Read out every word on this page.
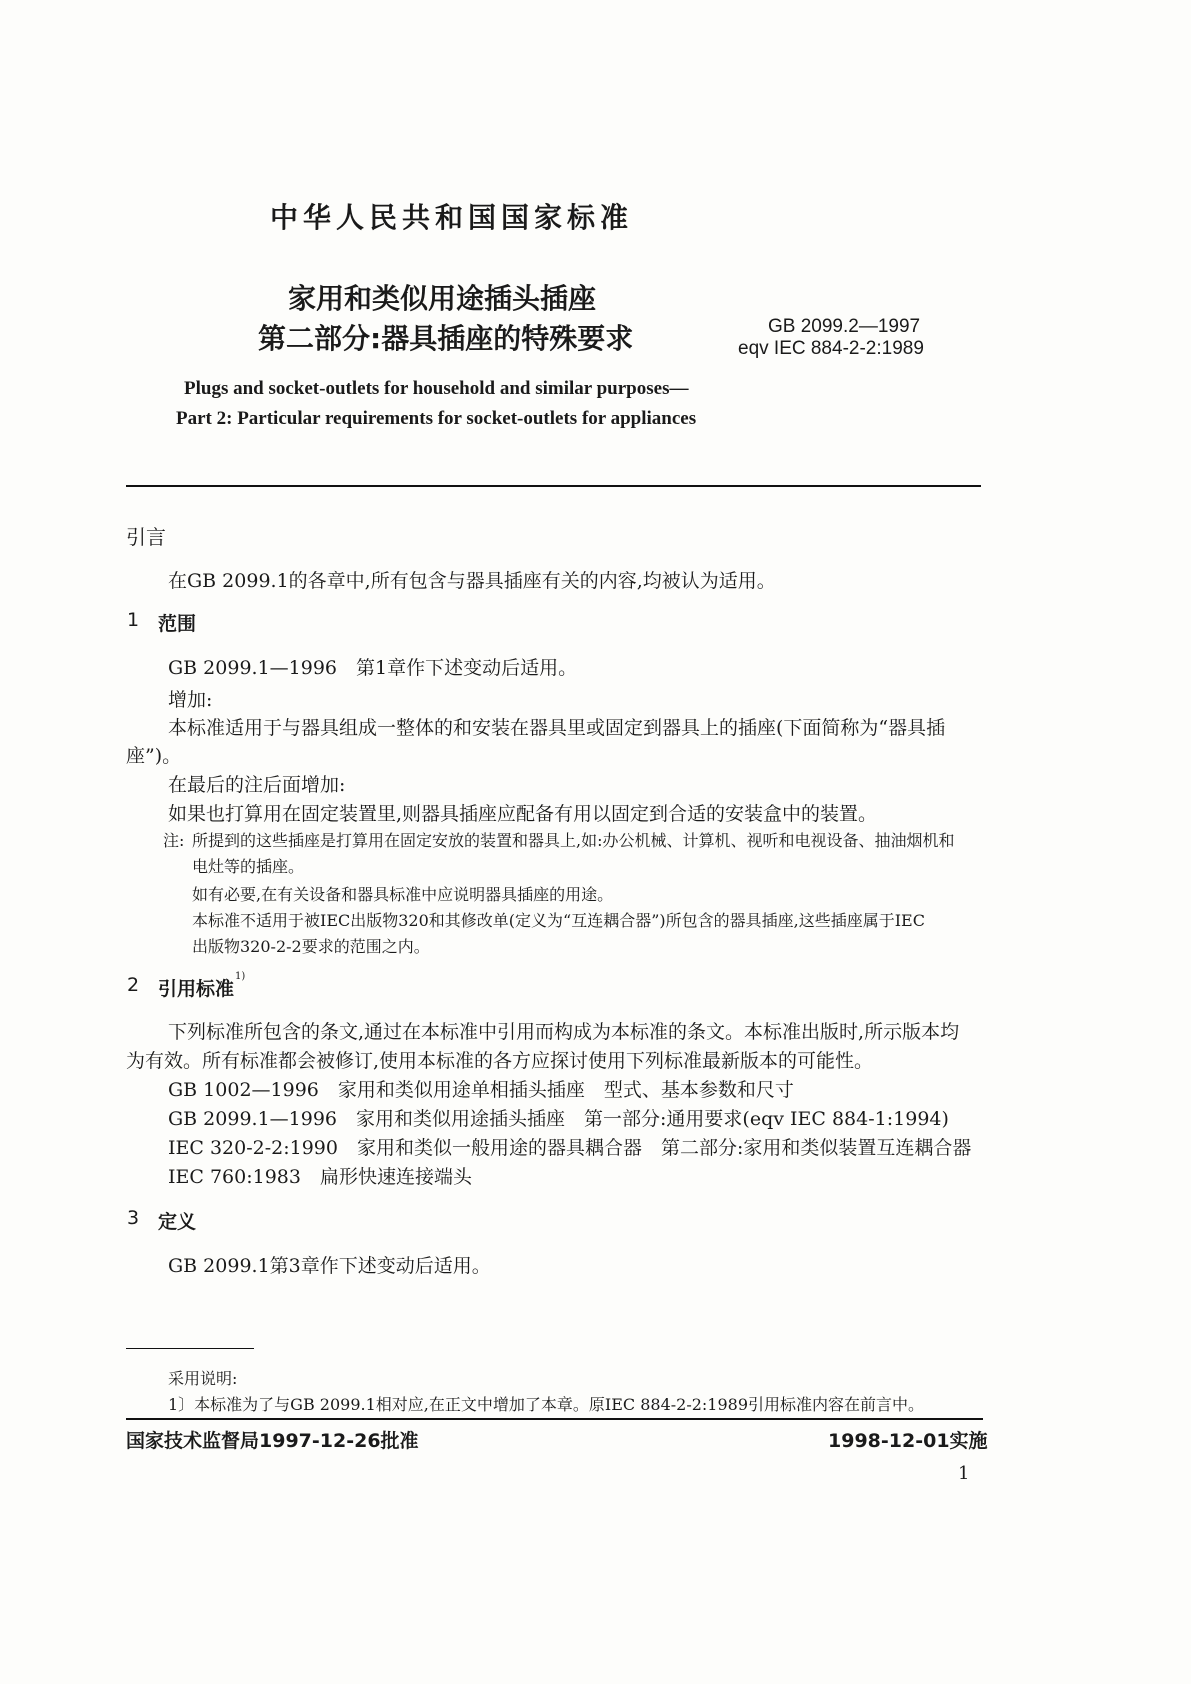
中华人民共和国国家标准
家用和类似用途插头插座
第二部分:器具插座的特殊要求	GB 2099.2—1997
eqv IEC 884-2-2:1989
Plugs and socket-outlets for household and similar purposes—
Part 2: Particular requirements for socket-outlets for appliances
引言
在GB 2099.1的各章中,所有包含与器具插座有关的内容,均被认为适用。
1 范围
GB 2099.1—1996　第1章作下述变动后适用。
增加:
本标准适用于与器具组成一整体的和安装在器具里或固定到器具上的插座(下面简称为“器具插
座”)。
在最后的注后面增加:
如果也打算用在固定装置里,则器具插座应配备有用以固定到合适的安装盒中的装置。
注: 所提到的这些插座是打算用在固定安放的装置和器具上,如:办公机械、计算机、视听和电视设备、抽油烟机和
电灶等的插座。
如有必要,在有关设备和器具标准中应说明器具插座的用途。
本标准不适用于被IEC出版物320和其修改单(定义为“互连耦合器”)所包含的器具插座,这些插座属于IEC
出版物320-2-2要求的范围之内。
2 引用标准
1)
下列标准所包含的条文,通过在本标准中引用而构成为本标准的条文。本标准出版时,所示版本均
为有效。所有标准都会被修订,使用本标准的各方应探讨使用下列标准最新版本的可能性。
GB 1002—1996　家用和类似用途单相插头插座　型式、基本参数和尺寸
GB 2099.1—1996　家用和类似用途插头插座　第一部分:通用要求(eqv IEC 884-1:1994)
IEC 320-2-2:1990　家用和类似一般用途的器具耦合器　第二部分:家用和类似装置互连耦合器
IEC 760:1983　扁形快速连接端头
3 定义
GB 2099.1第3章作下述变动后适用。
采用说明:
1〕本标准为了与GB 2099.1相对应,在正文中增加了本章。原IEC 884-2-2:1989引用标准内容在前言中。
国家技术监督局1997-12-26批准	1998-12-01实施
1
